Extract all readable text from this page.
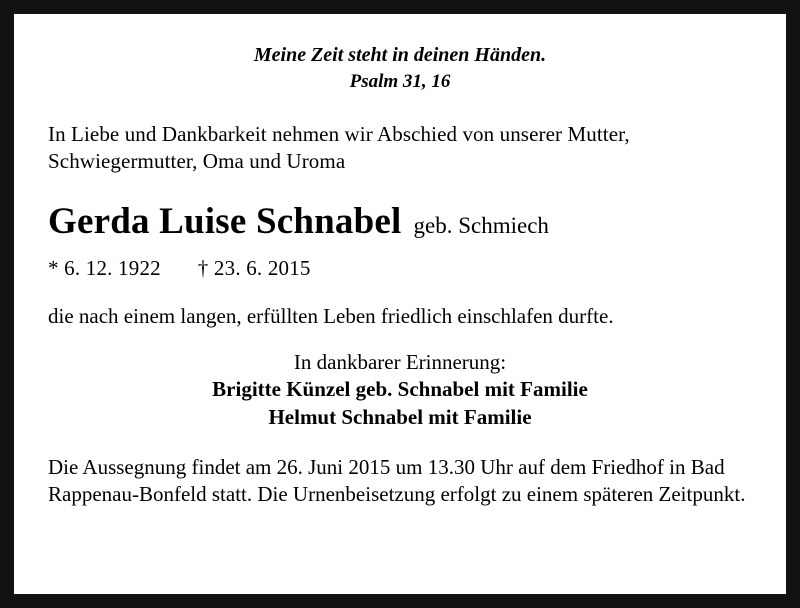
Meine Zeit steht in deinen Händen.
Psalm 31, 16
In Liebe und Dankbarkeit nehmen wir Abschied von unserer Mutter, Schwiegermutter, Oma und Uroma
Gerda Luise Schnabel geb. Schmiech
* 6. 12. 1922 † 23. 6. 2015
die nach einem langen, erfüllten Leben friedlich einschlafen durfte.
In dankbarer Erinnerung:
Brigitte Künzel geb. Schnabel mit Familie
Helmut Schnabel mit Familie
Die Aussegnung findet am 26. Juni 2015 um 13.30 Uhr auf dem Friedhof in Bad Rappenau-Bonfeld statt. Die Urnenbeisetzung erfolgt zu einem späteren Zeitpunkt.
